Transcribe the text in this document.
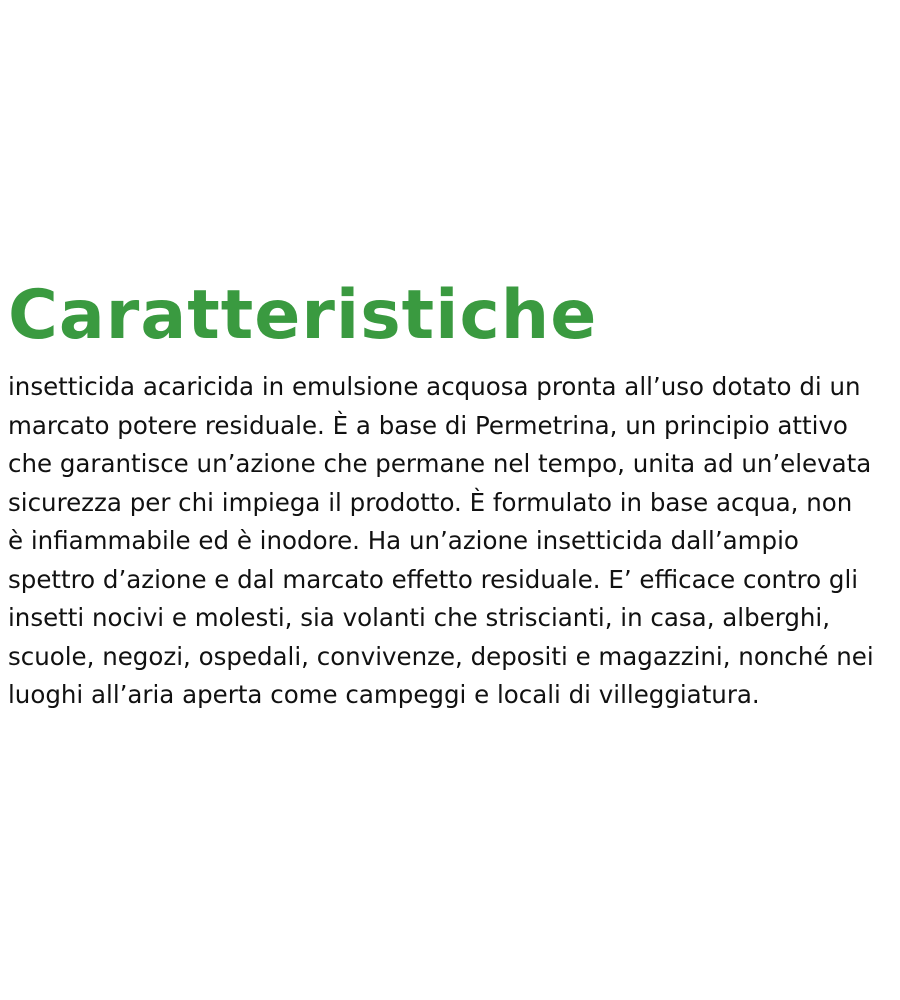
Caratteristiche

insetticida acaricida in emulsione acquosa pronta all’uso dotato di un
marcato potere residuale. È a base di Permetrina, un principio attivo
che garantisce un’azione che permane nel tempo, unita ad un’elevata
sicurezza per chi impiega il prodotto. È formulato in base acqua, non
è infiammabile ed è inodore. Ha un’azione insetticida dall’ampio
spettro d’azione e dal marcato effetto residuale. E’ efficace contro gli
insetti nocivi e molesti, sia volanti che striscianti, in casa, alberghi,
scuole, negozi, ospedali, convivenze, depositi e magazzini, nonché nei
luoghi all’aria aperta come campeggi e locali di villeggiatura.
